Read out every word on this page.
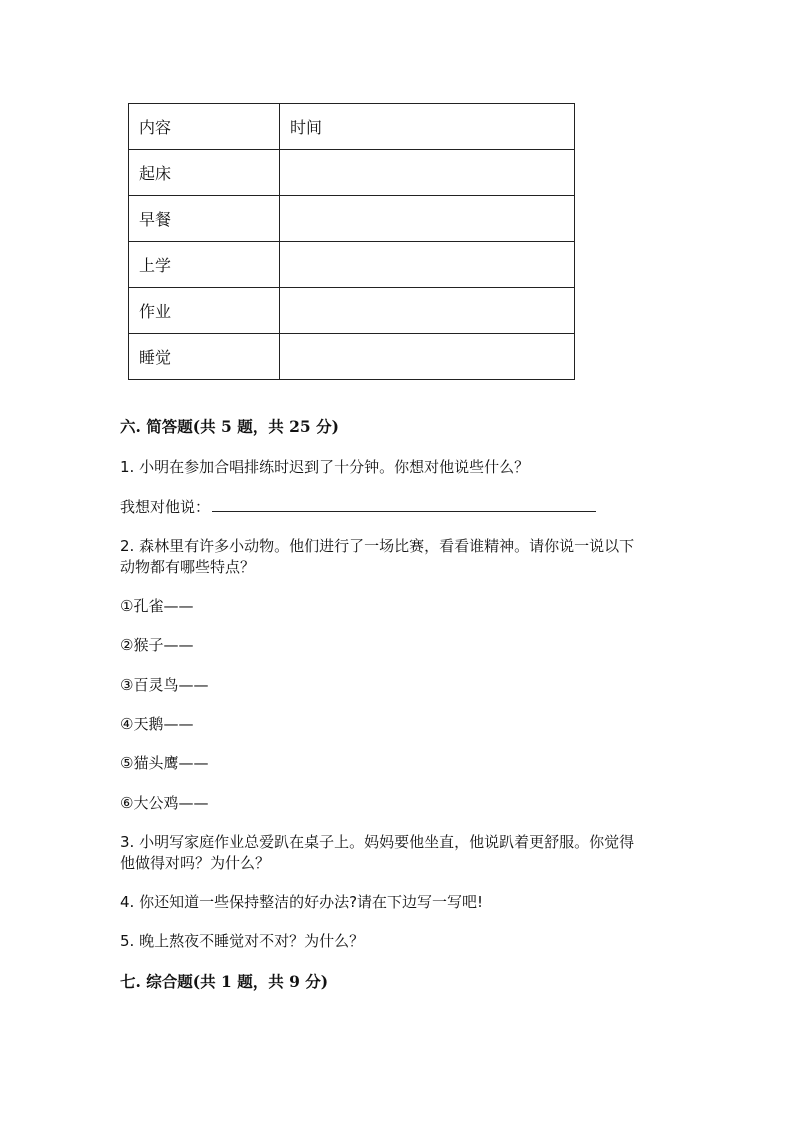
内容	时间
起床	
早餐	
上学	
作业	
睡觉	
六. 简答题(共 5 题，共 25 分)
1. 小明在参加合唱排练时迟到了十分钟。你想对他说些什么？
我想对他说：
2. 森林里有许多小动物。他们进行了一场比赛，看看谁精神。请你说一说以下
动物都有哪些特点？
①孔雀——
②猴子——
③百灵鸟——
④天鹅——
⑤猫头鹰——
⑥大公鸡——
3. 小明写家庭作业总爱趴在桌子上。妈妈要他坐直，他说趴着更舒服。你觉得
他做得对吗？为什么？
4. 你还知道一些保持整洁的好办法?请在下边写一写吧!
5. 晚上熬夜不睡觉对不对？为什么？
七. 综合题(共 1 题，共 9 分)
